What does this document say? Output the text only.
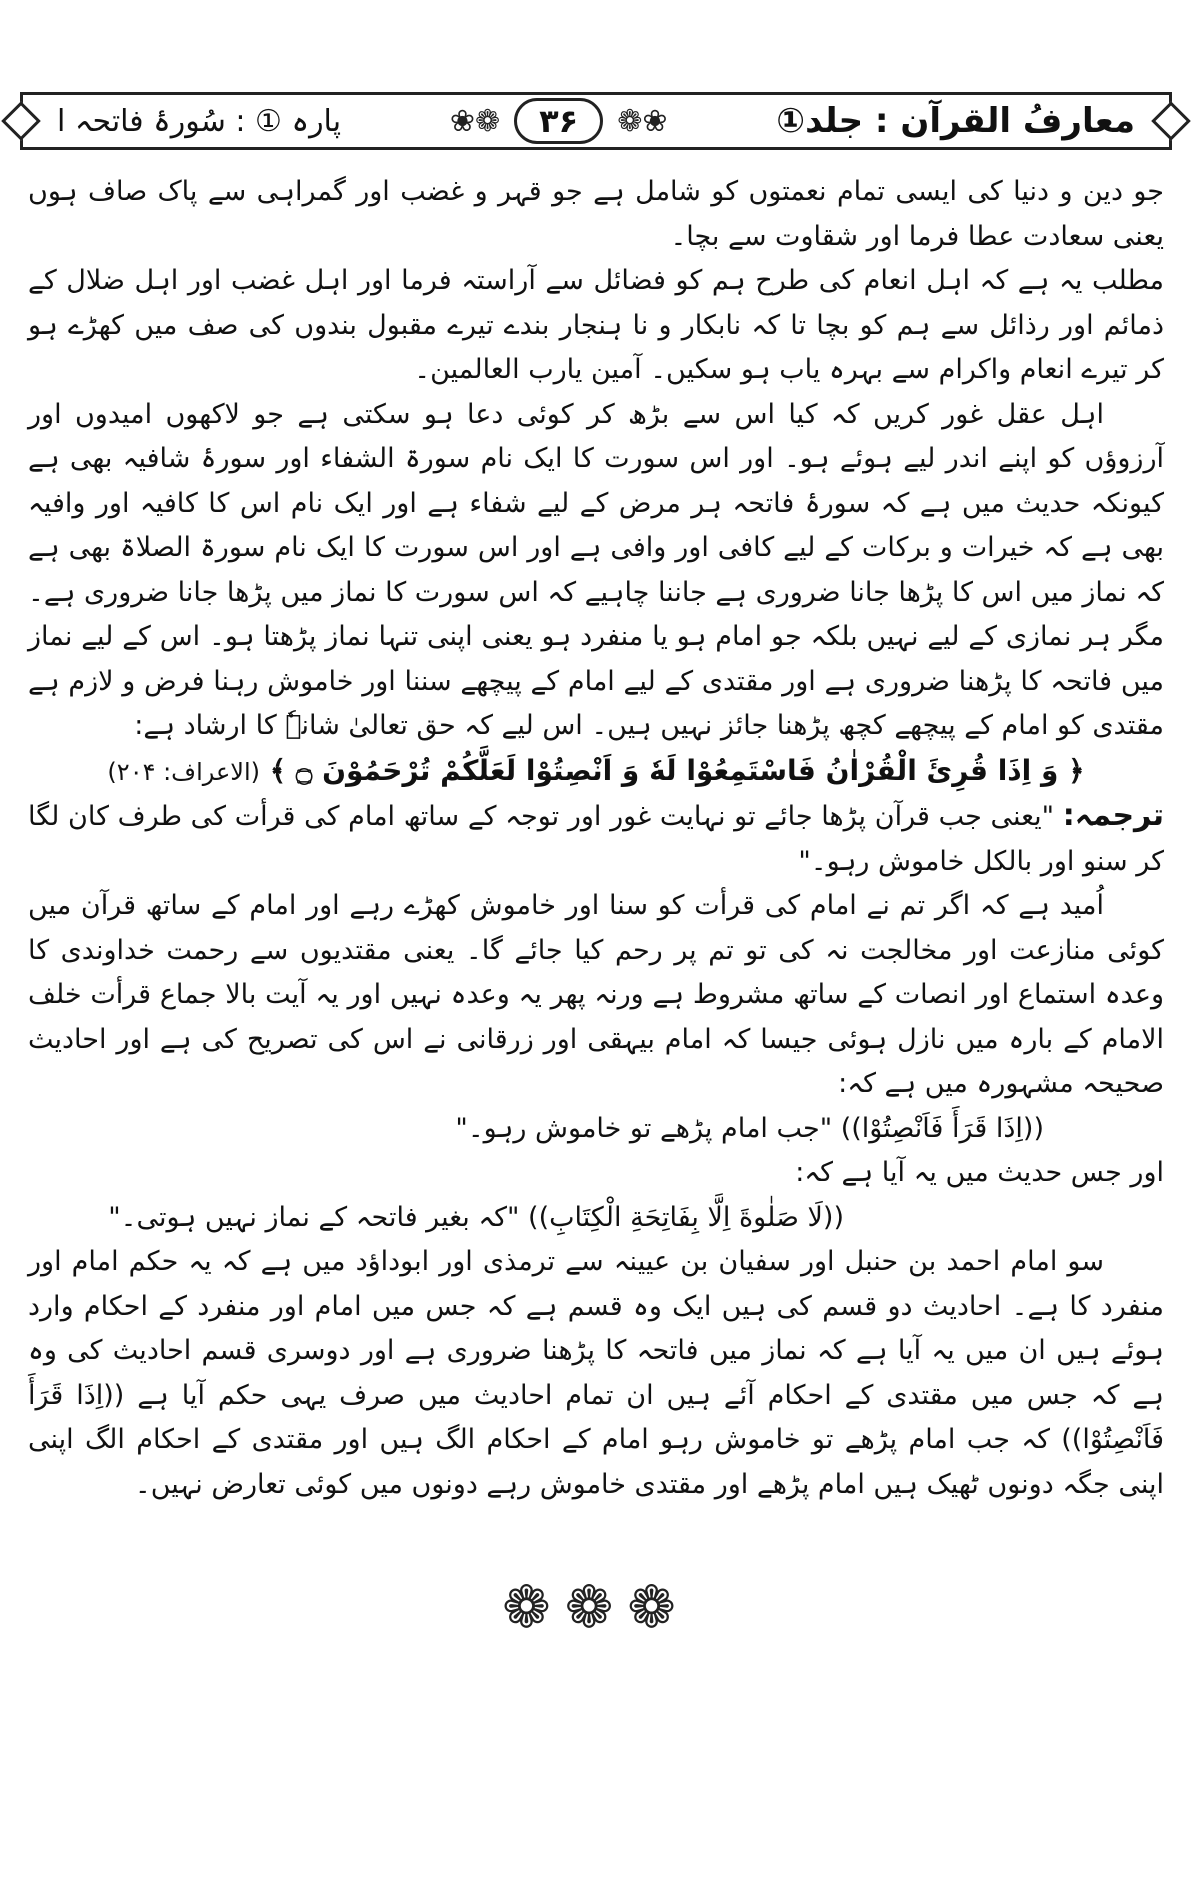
معارفُ القرآن : جلد①
❀❁
۳۶
❁❀
پارہ ① : سُورۂ فاتحہ ا

جو دین و دنیا کی ایسی تمام نعمتوں کو شامل ہے جو قہر و غضب اور گمراہی سے پاک صاف ہوں یعنی سعادت عطا فرما اور شقاوت سے بچا۔

مطلب یہ ہے کہ اہل انعام کی طرح ہم کو فضائل سے آراستہ فرما اور اہل غضب اور اہل ضلال کے ذمائم اور رذائل سے ہم کو بچا تا کہ نابکار و نا ہنجار بندے تیرے مقبول بندوں کی صف میں کھڑے ہو کر تیرے انعام واکرام سے بہرہ یاب ہو سکیں۔ آمین یارب العالمین۔

اہل عقل غور کریں کہ کیا اس سے بڑھ کر کوئی دعا ہو سکتی ہے جو لاکھوں امیدوں اور آرزوؤں کو اپنے اندر لیے ہوئے ہو۔ اور اس سورت کا ایک نام سورۃ الشفاء اور سورۂ شافیہ بھی ہے کیونکہ حدیث میں ہے کہ سورۂ فاتحہ ہر مرض کے لیے شفاء ہے اور ایک نام اس کا کافیہ اور وافیہ بھی ہے کہ خیرات و برکات کے لیے کافی اور وافی ہے اور اس سورت کا ایک نام سورۃ الصلاۃ بھی ہے کہ نماز میں اس کا پڑھا جانا ضروری ہے جاننا چاہیے کہ اس سورت کا نماز میں پڑھا جانا ضروری ہے۔ مگر ہر نمازی کے لیے نہیں بلکہ جو امام ہو یا منفرد ہو یعنی اپنی تنہا نماز پڑھتا ہو۔ اس کے لیے نماز میں فاتحہ کا پڑھنا ضروری ہے اور مقتدی کے لیے امام کے پیچھے سننا اور خاموش رہنا فرض و لازم ہے مقتدی کو امام کے پیچھے کچھ پڑھنا جائز نہیں ہیں۔ اس لیے کہ حق تعالیٰ شانہٗ کا ارشاد ہے:

﴿ وَ اِذَا قُرِئَ الْقُرْاٰنُ فَاسْتَمِعُوْا لَهٗ وَ اَنْصِتُوْا لَعَلَّكُمْ تُرْحَمُوْنَ ۝ ﴾ (الاعراف: ۲۰۴)

ترجمہ: "یعنی جب قرآن پڑھا جائے تو نہایت غور اور توجہ کے ساتھ امام کی قرأت کی طرف کان لگا کر سنو اور بالکل خاموش رہو۔"

اُمید ہے کہ اگر تم نے امام کی قرأت کو سنا اور خاموش کھڑے رہے اور امام کے ساتھ قرآن میں کوئی منازعت اور مخالجت نہ کی تو تم پر رحم کیا جائے گا۔ یعنی مقتدیوں سے رحمت خداوندی کا وعدہ استماع اور انصات کے ساتھ مشروط ہے ورنہ پھر یہ وعدہ نہیں اور یہ آیت بالا جماع قرأت خلف الامام کے بارہ میں نازل ہوئی جیسا کہ امام بیہقی اور زرقانی نے اس کی تصریح کی ہے اور احادیث صحیحہ مشہورہ میں ہے کہ:

((اِذَا قَرَأَ فَاَنْصِتُوْا)) "جب امام پڑھے تو خاموش رہو۔"

اور جس حدیث میں یہ آیا ہے کہ:

((لَا صَلٰوةَ اِلَّا بِفَاتِحَةِ الْكِتَابِ)) "کہ بغیر فاتحہ کے نماز نہیں ہوتی۔"

سو امام احمد بن حنبل اور سفیان بن عیینہ سے ترمذی اور ابوداؤد میں ہے کہ یہ حکم امام اور منفرد کا ہے۔ احادیث دو قسم کی ہیں ایک وہ قسم ہے کہ جس میں امام اور منفرد کے احکام وارد ہوئے ہیں ان میں یہ آیا ہے کہ نماز میں فاتحہ کا پڑھنا ضروری ہے اور دوسری قسم احادیث کی وہ ہے کہ جس میں مقتدی کے احکام آئے ہیں ان تمام احادیث میں صرف یہی حکم آیا ہے ((اِذَا قَرَأَ فَاَنْصِتُوْا)) کہ جب امام پڑھے تو خاموش رہو امام کے احکام الگ ہیں اور مقتدی کے احکام الگ اپنی اپنی جگہ دونوں ٹھیک ہیں امام پڑھے اور مقتدی خاموش رہے دونوں میں کوئی تعارض نہیں۔

❁❁❁
